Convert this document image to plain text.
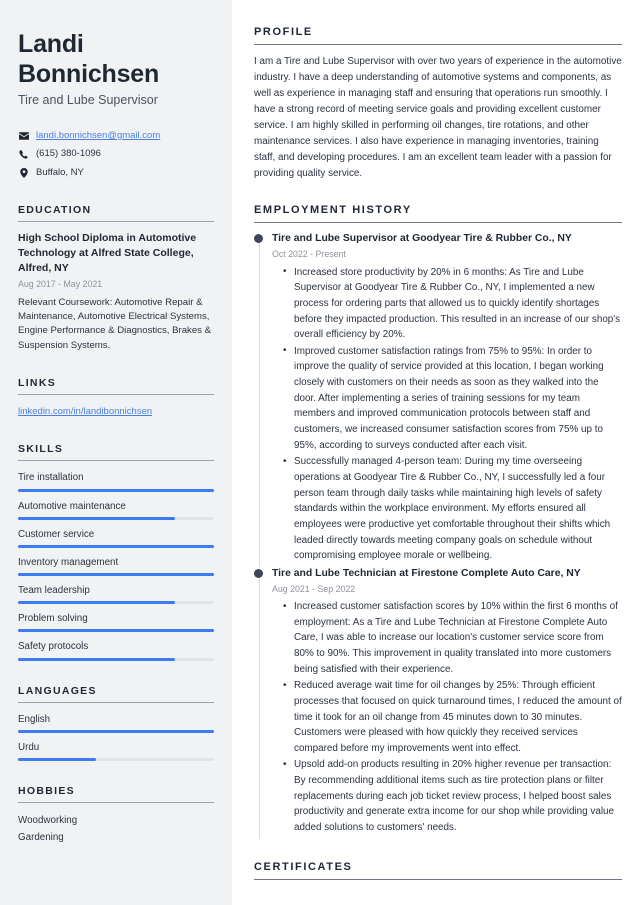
Landi Bonnichsen
Tire and Lube Supervisor
landi.bonnichsen@gmail.com
(615) 380-1096
Buffalo, NY
EDUCATION
High School Diploma in Automotive Technology at Alfred State College, Alfred, NY
Aug 2017 - May 2021
Relevant Coursework: Automotive Repair & Maintenance, Automotive Electrical Systems, Engine Performance & Diagnostics, Brakes & Suspension Systems.
LINKS
linkedin.com/in/landibonnichsen
SKILLS
Tire installation
Automotive maintenance
Customer service
Inventory management
Team leadership
Problem solving
Safety protocols
LANGUAGES
English
Urdu
HOBBIES
Woodworking
Gardening
PROFILE

I am a Tire and Lube Supervisor with over two years of experience in the automotive industry. I have a deep understanding of automotive systems and components, as well as experience in managing staff and ensuring that operations run smoothly. I have a strong record of meeting service goals and providing excellent customer service. I am highly skilled in performing oil changes, tire rotations, and other maintenance services. I also have experience in managing inventories, training staff, and developing procedures. I am an excellent team leader with a passion for providing quality service.

EMPLOYMENT HISTORY
Tire and Lube Supervisor at Goodyear Tire & Rubber Co., NY
Oct 2022 - Present
• Increased store productivity by 20% in 6 months: As Tire and Lube Supervisor at Goodyear Tire & Rubber Co., NY, I implemented a new process for ordering parts that allowed us to quickly identify shortages before they impacted production. This resulted in an increase of our shop's overall efficiency by 20%.
• Improved customer satisfaction ratings from 75% to 95%: In order to improve the quality of service provided at this location, I began working closely with customers on their needs as soon as they walked into the door. After implementing a series of training sessions for my team members and improved communication protocols between staff and customers, we increased consumer satisfaction scores from 75% up to 95%, according to surveys conducted after each visit.
• Successfully managed 4-person team: During my time overseeing operations at Goodyear Tire & Rubber Co., NY, I successfully led a four person team through daily tasks while maintaining high levels of safety standards within the workplace environment. My efforts ensured all employees were productive yet comfortable throughout their shifts which leaded directly towards meeting company goals on schedule without compromising employee morale or wellbeing.
Tire and Lube Technician at Firestone Complete Auto Care, NY
Aug 2021 - Sep 2022
• Increased customer satisfaction scores by 10% within the first 6 months of employment: As a Tire and Lube Technician at Firestone Complete Auto Care, I was able to increase our location's customer service score from 80% to 90%. This improvement in quality translated into more customers being satisfied with their experience.
• Reduced average wait time for oil changes by 25%: Through efficient processes that focused on quick turnaround times, I reduced the amount of time it took for an oil change from 45 minutes down to 30 minutes. Customers were pleased with how quickly they received services compared before my improvements went into effect.
• Upsold add-on products resulting in 20% higher revenue per transaction: By recommending additional items such as tire protection plans or filter replacements during each job ticket review process, I helped boost sales productivity and generate extra income for our shop while providing value added solutions to customers' needs.
CERTIFICATES
